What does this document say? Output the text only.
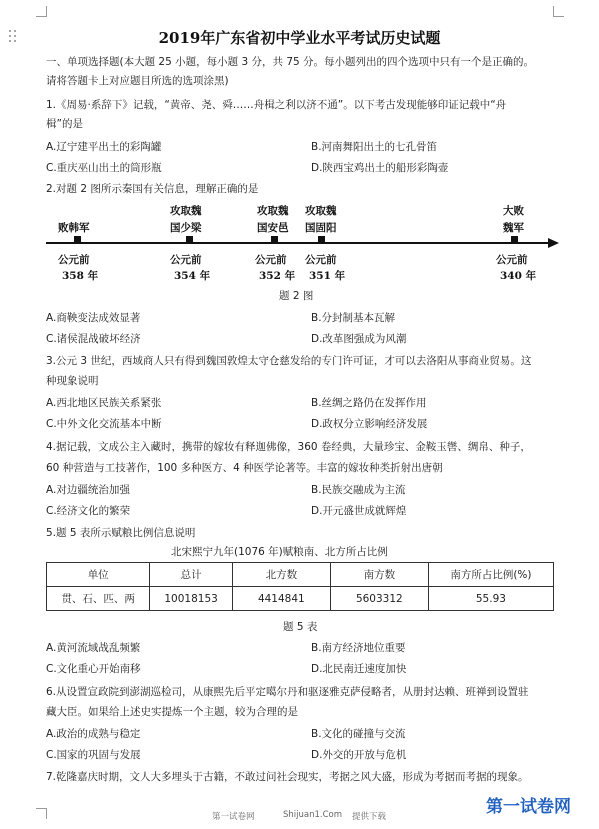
2019年广东省初中学业水平考试历史试题
一、单项选择题(本大题 25 小题，每小题 3 分，共 75 分。每小题列出的四个选项中只有一个是正确的。
请将答题卡上对应题目所选的选项涂黑)
1.《周易·系辞下》记载，“黄帝、尧、舜……舟楫之利以济不通”。以下考古发现能够印证记载中“舟
楫”的是
A.辽宁建平出土的彩陶罐	B.河南舞阳出土的七孔骨笛
C.重庆巫山出土的筒形瓶	D.陕西宝鸡出土的船形彩陶壶
2.对题 2 图所示秦国有关信息，理解正确的是
败韩军
攻取魏
国少梁
攻取魏
国安邑
攻取魏
国固阳
大败
魏军
公元前
358 年
公元前
354 年
公元前
352 年
公元前
351 年
公元前
340 年
题 2 图
A.商鞅变法成效显著	B.分封制基本瓦解
C.诸侯混战破坏经济	D.改革图强成为风潮
3.公元 3 世纪，西域商人只有得到魏国敦煌太守仓慈发给的专门许可证，才可以去洛阳从事商业贸易。这
种现象说明
A.西北地区民族关系紧张	B.丝绸之路仍在发挥作用
C.中外文化交流基本中断	D.政权分立影响经济发展
4.据记载，文成公主入藏时，携带的嫁妆有释迦佛像，360 卷经典，大量珍宝、金鞍玉辔、绸帛、种子，
60 种营造与工技著作，100 多种医方、4 种医学论著等。丰富的嫁妆种类折射出唐朝
A.对边疆统治加强	B.民族交融成为主流
C.经济文化的繁荣	D.开元盛世成就辉煌
5.题 5 表所示赋粮比例信息说明
北宋熙宁九年(1076 年)赋粮南、北方所占比例
单位	总计	北方数	南方数	南方所占比例(%)
贯、石、匹、两	10018153	4414841	5603312	55.93
题 5 表
A.黄河流域战乱频繁	B.南方经济地位重要
C.文化重心开始南移	D.北民南迁速度加快
6.从设置宣政院到澎湖巡检司，从康熙先后平定噶尔丹和驱逐雅克萨侵略者，从册封达赖、班禅到设置驻
藏大臣。如果给上述史实提炼一个主题，较为合理的是
A.政治的成熟与稳定	B.文化的碰撞与交流
C.国家的巩固与发展	D.外交的开放与危机
7.乾隆嘉庆时期，文人大多埋头于古籍，不敢过问社会现实，考据之风大盛，形成为考据而考据的现象。
第一试卷网	Shijuan1.Com 提供下载	第一试卷网
